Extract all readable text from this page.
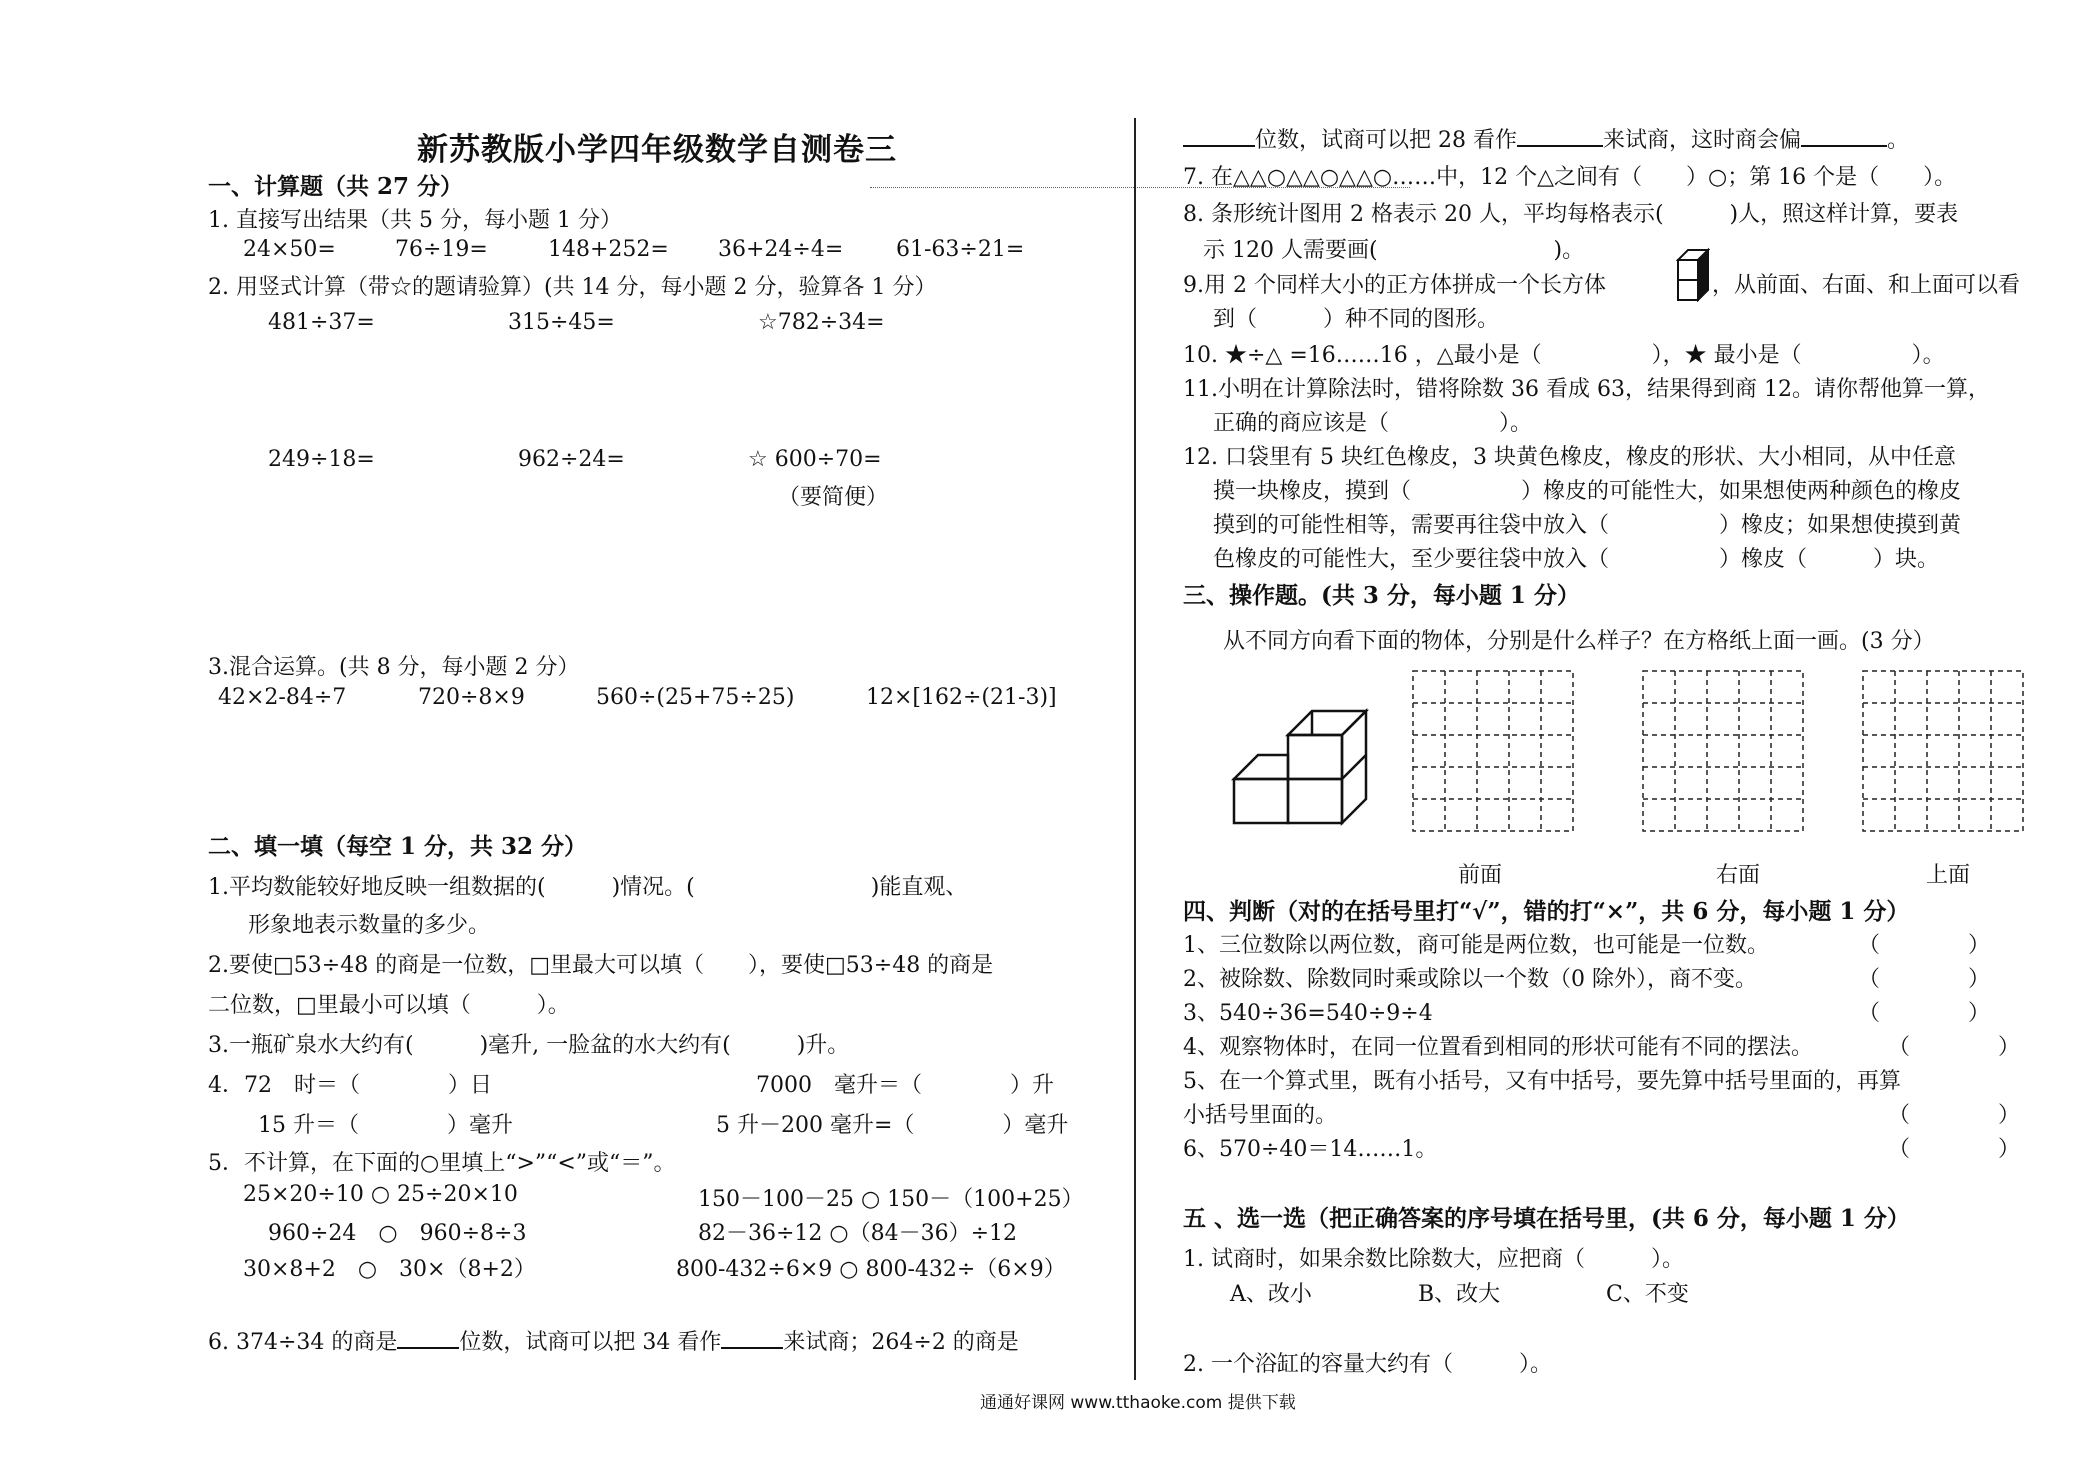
新苏教版小学四年级数学自测卷三
一、计算题（共 27 分）
1. 直接写出结果（共 5 分，每小题 1 分）
24×50=	76÷19=	148+252= 36+24÷4= 61-63÷21=
2. 用竖式计算（带☆的题请验算）(共 14 分，每小题 2 分，验算各 1 分）
481÷37=	315÷45=	☆782÷34=
249÷18=	962÷24=	☆ 600÷70=
（要简便）
3.混合运算。(共 8 分，每小题 2 分）
42×2-84÷7	720÷8×9	560÷(25+75÷25)	12×[162÷(21-3)]
二、填一填（每空 1 分，共 32 分）
1.平均数能较好地反映一组数据的(　　　)情况。(　　　　　　　　)能直观、
形象地表示数量的多少。
2.要使□53÷48 的商是一位数，□里最大可以填（　　），要使□53÷48 的商是
二位数，□里最小可以填（　　　）。
3.一瓶矿泉水大约有(　　　)毫升, 一脸盆的水大约有(　　　)升。
4．72　时＝（　　　　）日	7000　毫升＝（　　　　）升
15 升＝（　　　　）毫升	5 升－200 毫升=（　　　　）毫升
5．不计算，在下面的○里填上“>”“<”或“＝”。
25×20÷10 ○ 25÷20×10	150－100－25 ○ 150－（100+25）
960÷24　○　960÷8÷3	82－36÷12 ○（84－36）÷12
30×8+2　○　30×（8+2）	800-432÷6×9 ○ 800-432÷（6×9）
6. 374÷34 的商是	位数，试商可以把 34 看作	来试商；264÷2 的商是
位数，试商可以把 28 看作	来试商，这时商会偏	。
7. 在△△○△△○△△○……中，12 个△之间有（　　）○；第 16 个是（　　）。
8. 条形统计图用 2 格表示 20 人，平均每格表示(　　　)人，照这样计算，要表
示 120 人需要画(　　　　　　　　)。
9.用 2 个同样大小的正方体拼成一个长方体	，从前面、右面、和上面可以看
到（　　　）种不同的图形。
10. ★÷△ =16……16 ，△最小是（　　　　　），★ 最小是（　　　　　）。
11.小明在计算除法时，错将除数 36 看成 63，结果得到商 12。请你帮他算一算，
正确的商应该是（　　　　　）。
12. 口袋里有 5 块红色橡皮，3 块黄色橡皮，橡皮的形状、大小相同，从中任意
摸一块橡皮，摸到（　　　　　）橡皮的可能性大，如果想使两种颜色的橡皮
摸到的可能性相等，需要再往袋中放入（　　　　　）橡皮；如果想使摸到黄
色橡皮的可能性大，至少要往袋中放入（　　　　　）橡皮（　　　）块。
三、操作题。(共 3 分，每小题 1 分）
从不同方向看下面的物体，分别是什么样子？在方格纸上面一画。(3 分）
前面	右面	上面
四、判断（对的在括号里打“√”，错的打“×”，共 6 分，每小题 1 分）
1、三位数除以两位数，商可能是两位数，也可能是一位数。	（　　　　）
2、被除数、除数同时乘或除以一个数（0 除外），商不变。	（　　　　）
3、540÷36=540÷9÷4	（　　　　）
4、观察物体时，在同一位置看到相同的形状可能有不同的摆法。	（　　　　）
5、在一个算式里，既有小括号，又有中括号，要先算中括号里面的，再算
小括号里面的。	（　　　　）
6、570÷40＝14……1。	（　　　　）
五 、选一选（把正确答案的序号填在括号里，(共 6 分，每小题 1 分）
1. 试商时，如果余数比除数大，应把商（　　　）。
A、改小	B、改大	C、不变
2. 一个浴缸的容量大约有（　　　）。
通通好课网 www.tthaoke.com 提供下载
